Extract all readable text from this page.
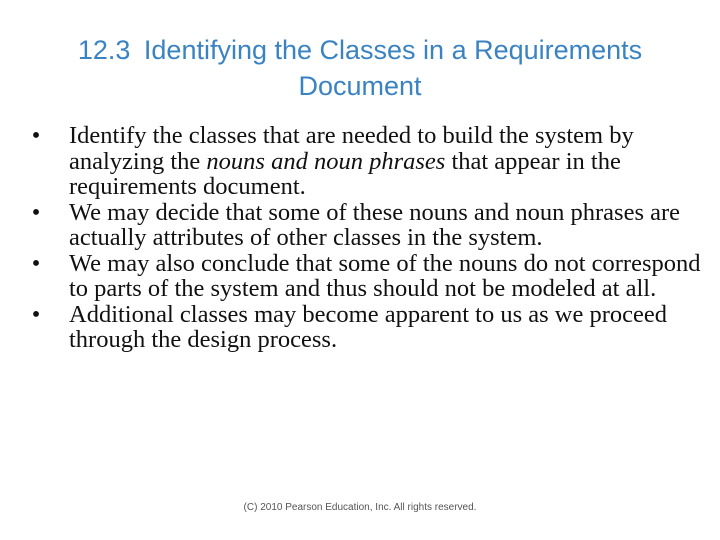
12.3 Identifying the Classes in a Requirements Document
• Identify the classes that are needed to build the system by analyzing the nouns and noun phrases that appear in the requirements document.
• We may decide that some of these nouns and noun phrases are actually attributes of other classes in the system.
• We may also conclude that some of the nouns do not correspond to parts of the system and thus should not be modeled at all.
• Additional classes may become apparent to us as we proceed through the design process.
(C) 2010 Pearson Education, Inc. All rights reserved.
